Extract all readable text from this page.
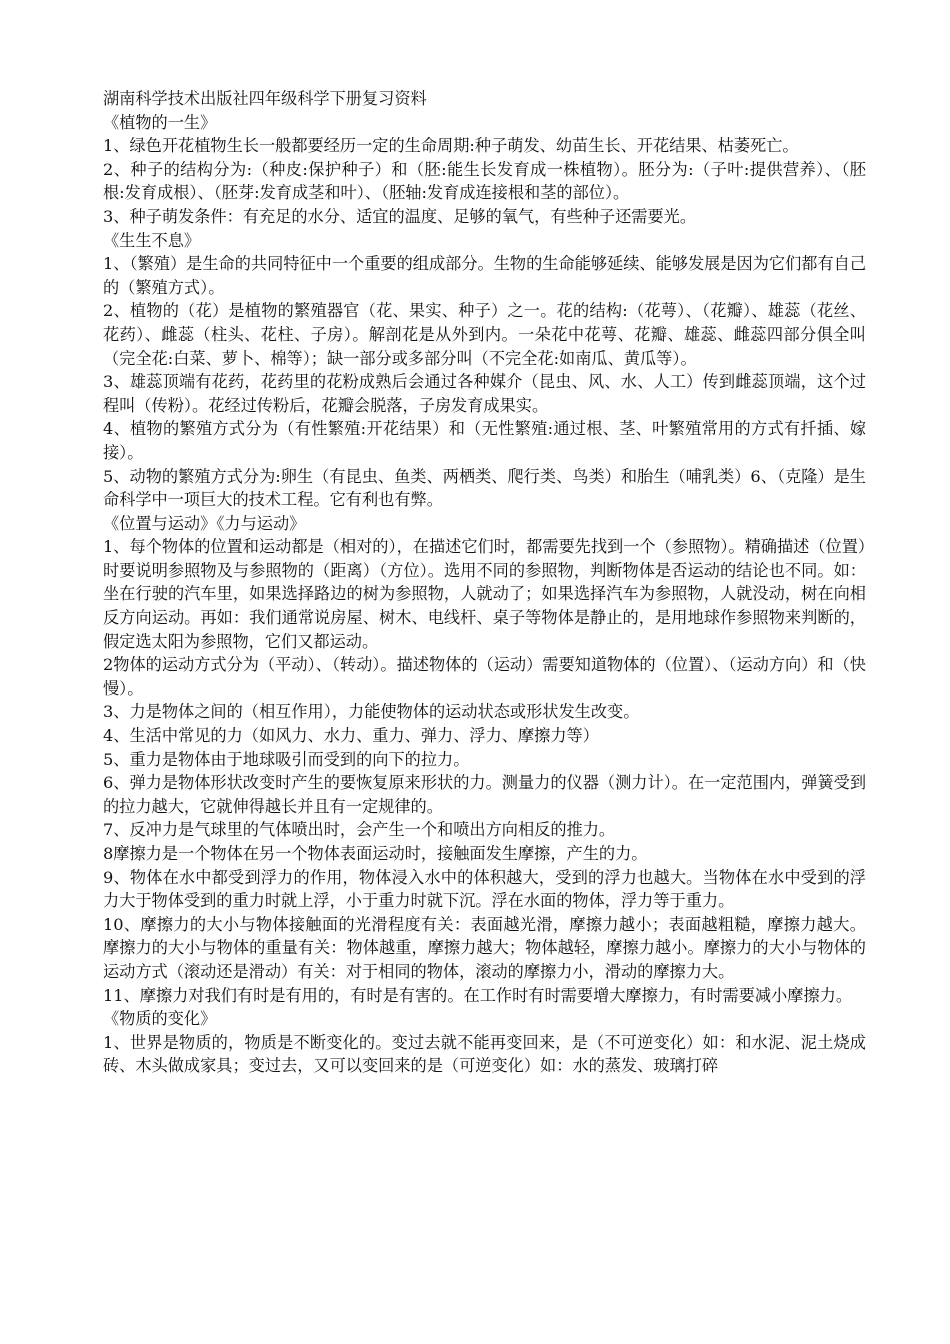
湖南科学技术出版社四年级科学下册复习资料
《植物的一生》
1、绿色开花植物生长一般都要经历一定的生命周期:种子萌发、幼苗生长、开花结果、枯萎死亡。
2、种子的结构分为:（种皮:保护种子）和（胚:能生长发育成一株植物）。胚分为:（子叶:提供营养）、（胚根:发育成根）、（胚芽:发育成茎和叶）、（胚轴:发育成连接根和茎的部位）。
3、种子萌发条件：有充足的水分、适宜的温度、足够的氧气，有些种子还需要光。
《生生不息》
1、（繁殖）是生命的共同特征中一个重要的组成部分。生物的生命能够延续、能够发展是因为它们都有自己的（繁殖方式）。
2、植物的（花）是植物的繁殖器官（花、果实、种子）之一。花的结构:（花萼）、（花瓣）、雄蕊（花丝、花药）、雌蕊（柱头、花柱、子房）。解剖花是从外到内。一朵花中花萼、花瓣、雄蕊、雌蕊四部分俱全叫（完全花:白菜、萝卜、棉等）；缺一部分或多部分叫（不完全花:如南瓜、黄瓜等）。
3、雄蕊顶端有花药，花药里的花粉成熟后会通过各种媒介（昆虫、风、水、人工）传到雌蕊顶端，这个过程叫（传粉）。花经过传粉后，花瓣会脱落，子房发育成果实。
4、植物的繁殖方式分为（有性繁殖:开花结果）和（无性繁殖:通过根、茎、叶繁殖常用的方式有扦插、嫁接）。
5、动物的繁殖方式分为:卵生（有昆虫、鱼类、两栖类、爬行类、鸟类）和胎生（哺乳类）6、（克隆）是生命科学中一项巨大的技术工程。它有利也有弊。
《位置与运动》《力与运动》
1、每个物体的位置和运动都是（相对的），在描述它们时，都需要先找到一个（参照物）。精确描述（位置）时要说明参照物及与参照物的（距离）（方位）。选用不同的参照物，判断物体是否运动的结论也不同。如：坐在行驶的汽车里，如果选择路边的树为参照物，人就动了；如果选择汽车为参照物，人就没动，树在向相反方向运动。再如：我们通常说房屋、树木、电线杆、桌子等物体是静止的，是用地球作参照物来判断的，假定选太阳为参照物，它们又都运动。
2物体的运动方式分为（平动）、（转动）。描述物体的（运动）需要知道物体的（位置）、（运动方向）和（快慢）。
3、力是物体之间的（相互作用），力能使物体的运动状态或形状发生改变。
4、生活中常见的力（如风力、水力、重力、弹力、浮力、摩擦力等）
5、重力是物体由于地球吸引而受到的向下的拉力。
6、弹力是物体形状改变时产生的要恢复原来形状的力。测量力的仪器（测力计）。在一定范围内，弹簧受到的拉力越大，它就伸得越长并且有一定规律的。
7、反冲力是气球里的气体喷出时，会产生一个和喷出方向相反的推力。
8摩擦力是一个物体在另一个物体表面运动时，接触面发生摩擦，产生的力。
9、物体在水中都受到浮力的作用，物体浸入水中的体积越大，受到的浮力也越大。当物体在水中受到的浮力大于物体受到的重力时就上浮，小于重力时就下沉。浮在水面的物体，浮力等于重力。
10、摩擦力的大小与物体接触面的光滑程度有关：表面越光滑，摩擦力越小；表面越粗糙，摩擦力越大。摩擦力的大小与物体的重量有关：物体越重，摩擦力越大；物体越轻，摩擦力越小。摩擦力的大小与物体的运动方式（滚动还是滑动）有关：对于相同的物体，滚动的摩擦力小，滑动的摩擦力大。
11、摩擦力对我们有时是有用的，有时是有害的。在工作时有时需要增大摩擦力，有时需要减小摩擦力。
《物质的变化》
1、世界是物质的，物质是不断变化的。变过去就不能再变回来，是（不可逆变化）如：和水泥、泥土烧成砖、木头做成家具；变过去，又可以变回来的是（可逆变化）如：水的蒸发、玻璃打碎
